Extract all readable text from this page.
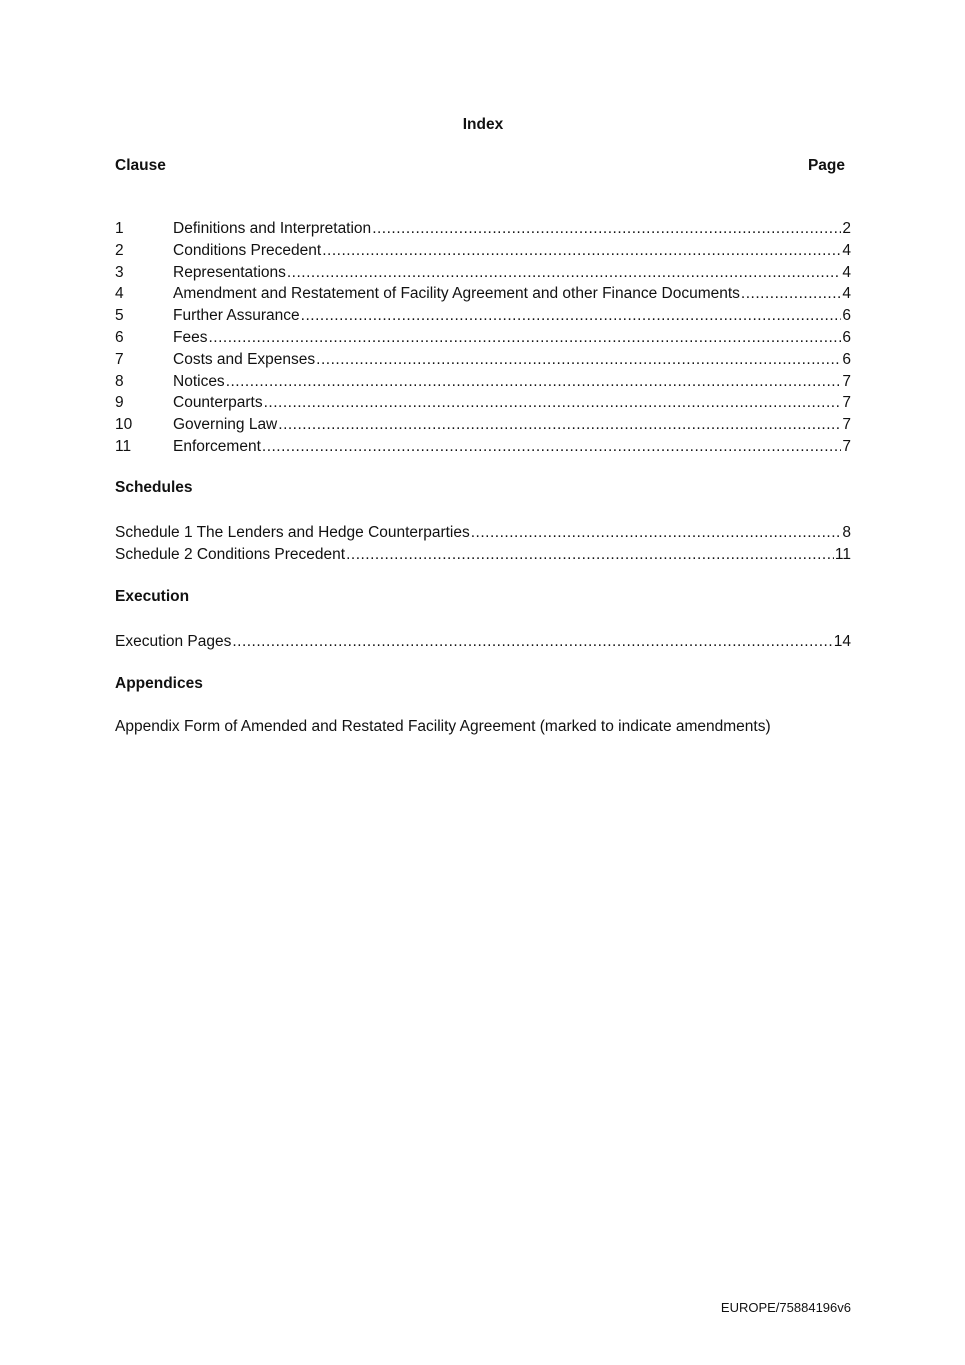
Index
Clause	Page
1	Definitions and Interpretation .....	2
2	Conditions Precedent .....	4
3	Representations .....	4
4	Amendment and Restatement of Facility Agreement and other Finance Documents .....	4
5	Further Assurance .....	6
6	Fees .....	6
7	Costs and Expenses .....	6
8	Notices .....	7
9	Counterparts .....	7
10	Governing Law .....	7
11	Enforcement .....	7
Schedules
Schedule 1 The Lenders and Hedge Counterparties .....	8
Schedule 2 Conditions Precedent .....	11
Execution
Execution Pages .....	14
Appendices
Appendix Form of Amended and Restated Facility Agreement (marked to indicate amendments)
EUROPE/75884196v6
